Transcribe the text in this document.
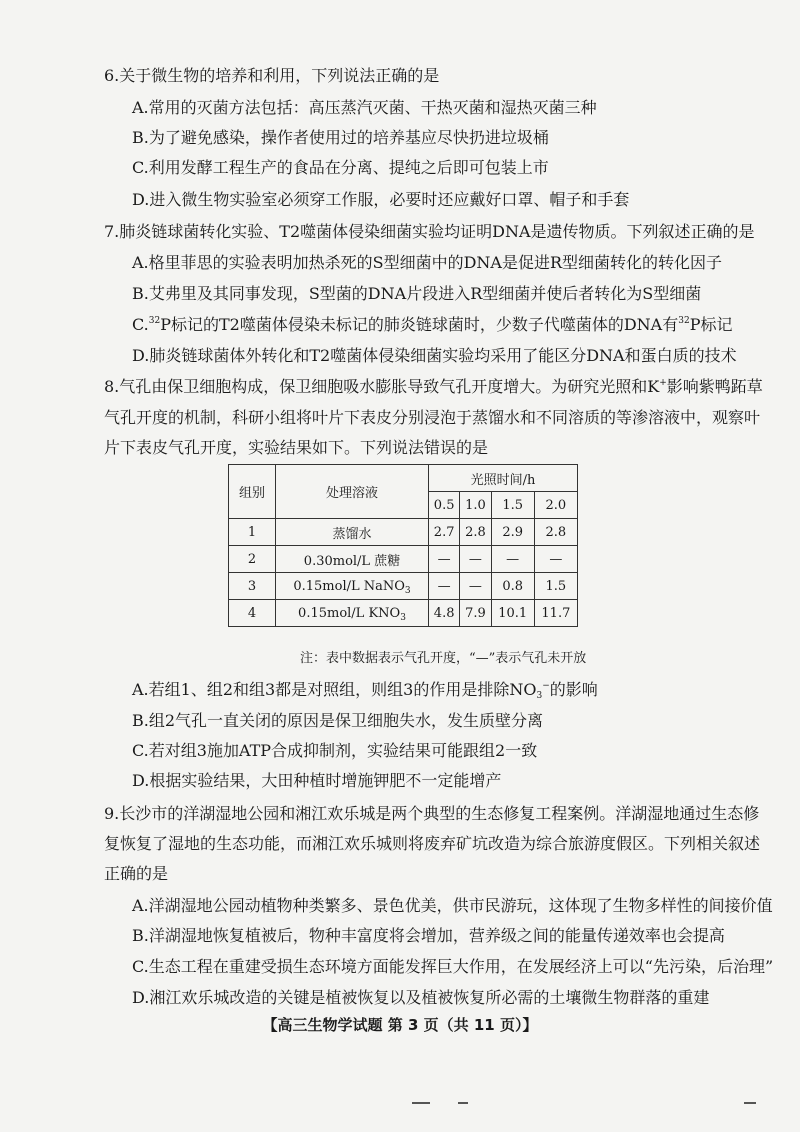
6.关于微生物的培养和利用，下列说法正确的是
A.常用的灭菌方法包括：高压蒸汽灭菌、干热灭菌和湿热灭菌三种
B.为了避免感染，操作者使用过的培养基应尽快扔进垃圾桶
C.利用发酵工程生产的食品在分离、提纯之后即可包装上市
D.进入微生物实验室必须穿工作服，必要时还应戴好口罩、帽子和手套
7.肺炎链球菌转化实验、T2噬菌体侵染细菌实验均证明DNA是遗传物质。下列叙述正确的是
A.格里菲思的实验表明加热杀死的S型细菌中的DNA是促进R型细菌转化的转化因子
B.艾弗里及其同事发现，S型菌的DNA片段进入R型细菌并使后者转化为S型细菌
C.$^{32}$P标记的T2噬菌体侵染未标记的肺炎链球菌时，少数子代噬菌体的DNA有$^{32}$P标记
D.肺炎链球菌体外转化和T2噬菌体侵染细菌实验均采用了能区分DNA和蛋白质的技术
8.气孔由保卫细胞构成，保卫细胞吸水膨胀导致气孔开度增大。为研究光照和K+影响紫鸭跖草
气孔开度的机制，科研小组将叶片下表皮分别浸泡于蒸馏水和不同溶质的等渗溶液中，观察叶
片下表皮气孔开度，实验结果如下。下列说法错误的是
组别	处理溶液	光照时间/h			
		0.5	1.0	1.5	2.0
1	蒸馏水	2.7	2.8	2.9	2.8
2	0.30mol/L 蔗糖	—	—	—	—
3	0.15mol/L NaNO$_3$	—	—	0.8	1.5
4	0.15mol/L $KNO_3$	4.8	7.9	10.1	11.7
注：表中数据表示气孔开度，“—”表示气孔未开放
A.若组1、组2和组3都是对照组，则组3的作用是排除$NO_3^-$的影响
B.组2气孔一直关闭的原因是保卫细胞失水，发生质壁分离
C.若对组3施加ATP合成抑制剂，实验结果可能跟组2一致
D.根据实验结果，大田种植时增施钾肥不一定能增产
9.长沙市的洋湖湿地公园和湘江欢乐城是两个典型的生态修复工程案例。洋湖湿地通过生态修
复恢复了湿地的生态功能，而湘江欢乐城则将废弃矿坑改造为综合旅游度假区。下列相关叙述
正确的是
A.洋湖湿地公园动植物种类繁多、景色优美，供市民游玩，这体现了生物多样性的间接价值
B.洋湖湿地恢复植被后，物种丰富度将会增加，营养级之间的能量传递效率也会提高
C.生态工程在重建受损生态环境方面能发挥巨大作用，在发展经济上可以“先污染，后治理”
D.湘江欢乐城改造的关键是植被恢复以及植被恢复所必需的土壤微生物群落的重建
【高三生物学试题 第 3 页（共 11 页）】
